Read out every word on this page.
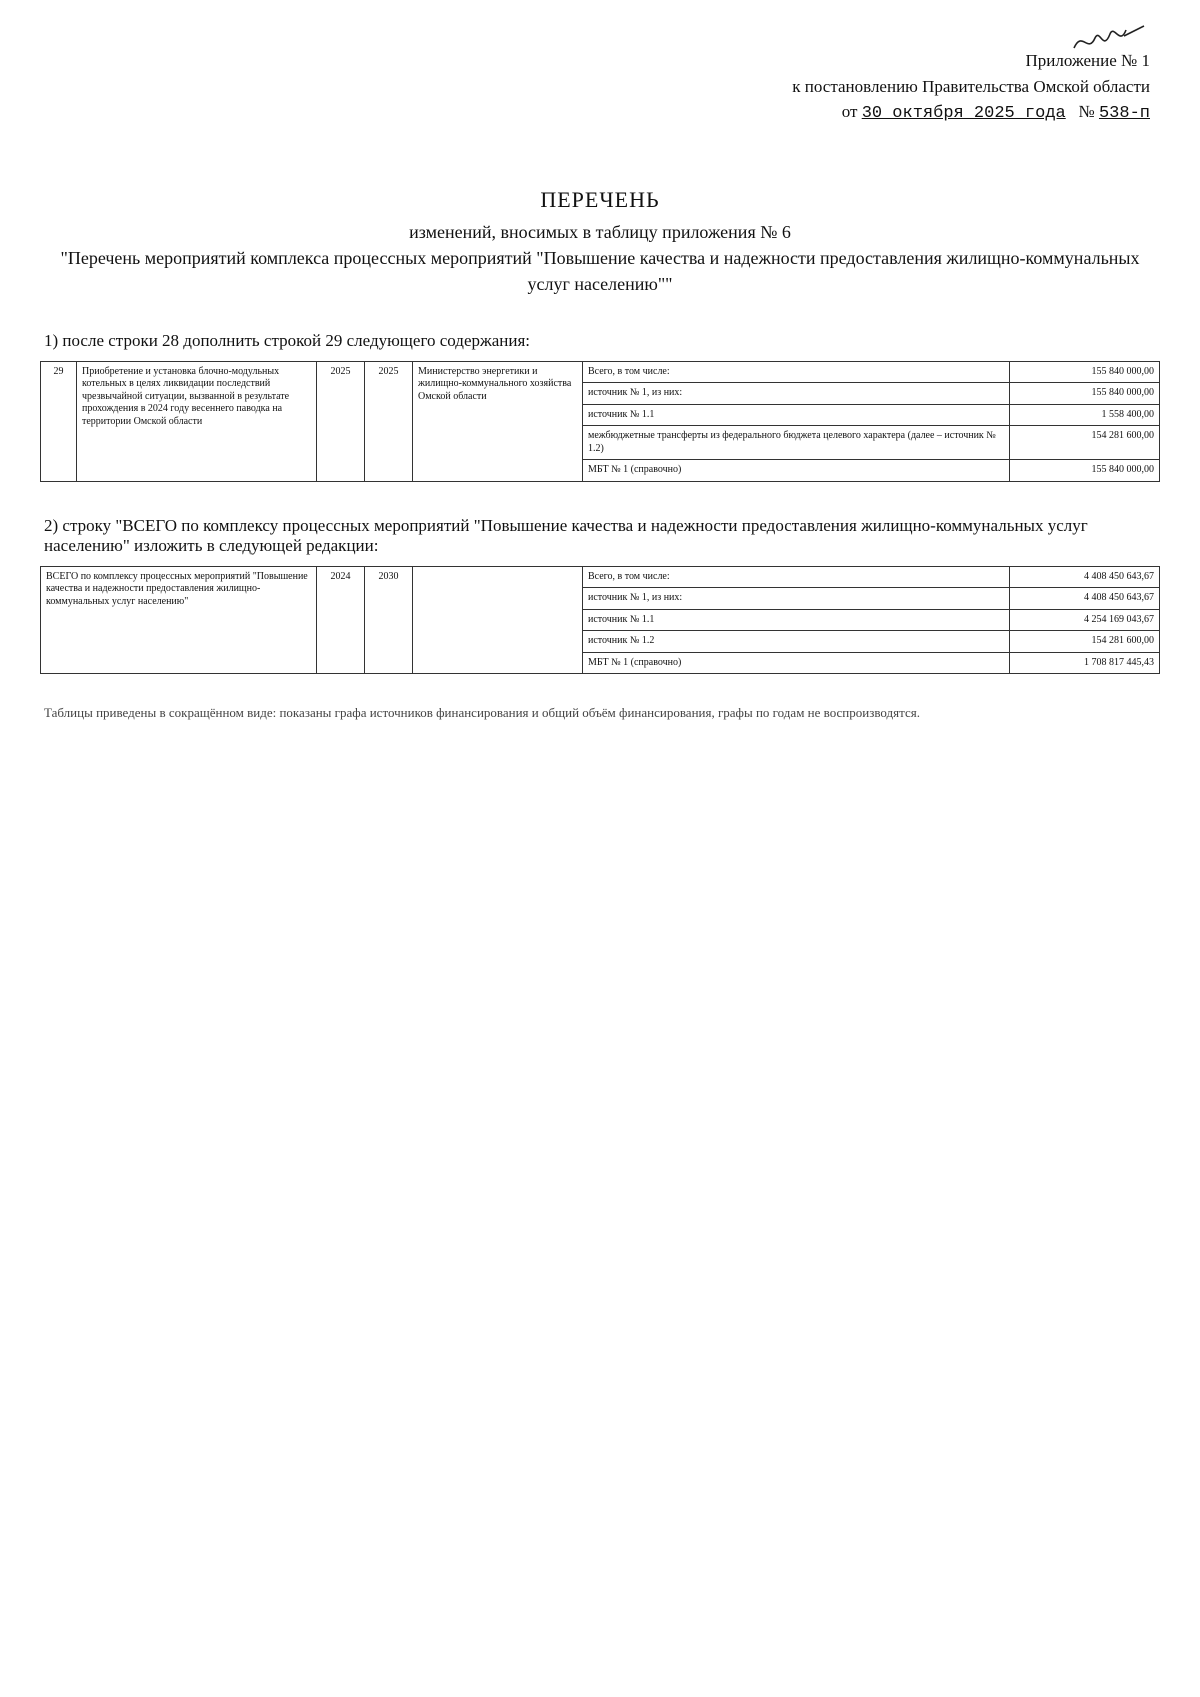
Приложение № 1
к постановлению Правительства Омской области
от 30 октября 2025 года № 538-п
ПЕРЕЧЕНЬ
изменений, вносимых в таблицу приложения № 6
"Перечень мероприятий комплекса процессных мероприятий "Повышение качества и надежности предоставления жилищно-коммунальных услуг населению""
1) после строки 28 дополнить строкой 29 следующего содержания:
29	Приобретение и установка блочно-модульных котельных в целях ликвидации последствий чрезвычайной ситуации, вызванной в результате прохождения в 2024 году весеннего паводка на территории Омской области	2025	2025	Министерство энергетики и жилищно-коммунального хозяйства Омской области	Всего, в том числе:	155 840 000,00
					источник № 1, из них:	155 840 000,00
					источник № 1.1	1 558 400,00
					межбюджетные трансферты из федерального бюджета целевого характера (далее – источник № 1.2)	154 281 600,00
					МБТ № 1 (справочно)	155 840 000,00
2) строку "ВСЕГО по комплексу процессных мероприятий "Повышение качества и надежности предоставления жилищно-коммунальных услуг населению" изложить в следующей редакции:
ВСЕГО по комплексу процессных мероприятий "Повышение качества и надежности предоставления жилищно-коммунальных услуг населению"	2024	2030		Всего, в том числе:	4 408 450 643,67
				источник № 1, из них:	4 408 450 643,67
				источник № 1.1	4 254 169 043,67
				источник № 1.2	154 281 600,00
				МБТ № 1 (справочно)	1 708 817 445,43
Таблицы приведены в сокращённом виде: показаны графа источников финансирования и общий объём финансирования, графы по годам не воспроизводятся.
